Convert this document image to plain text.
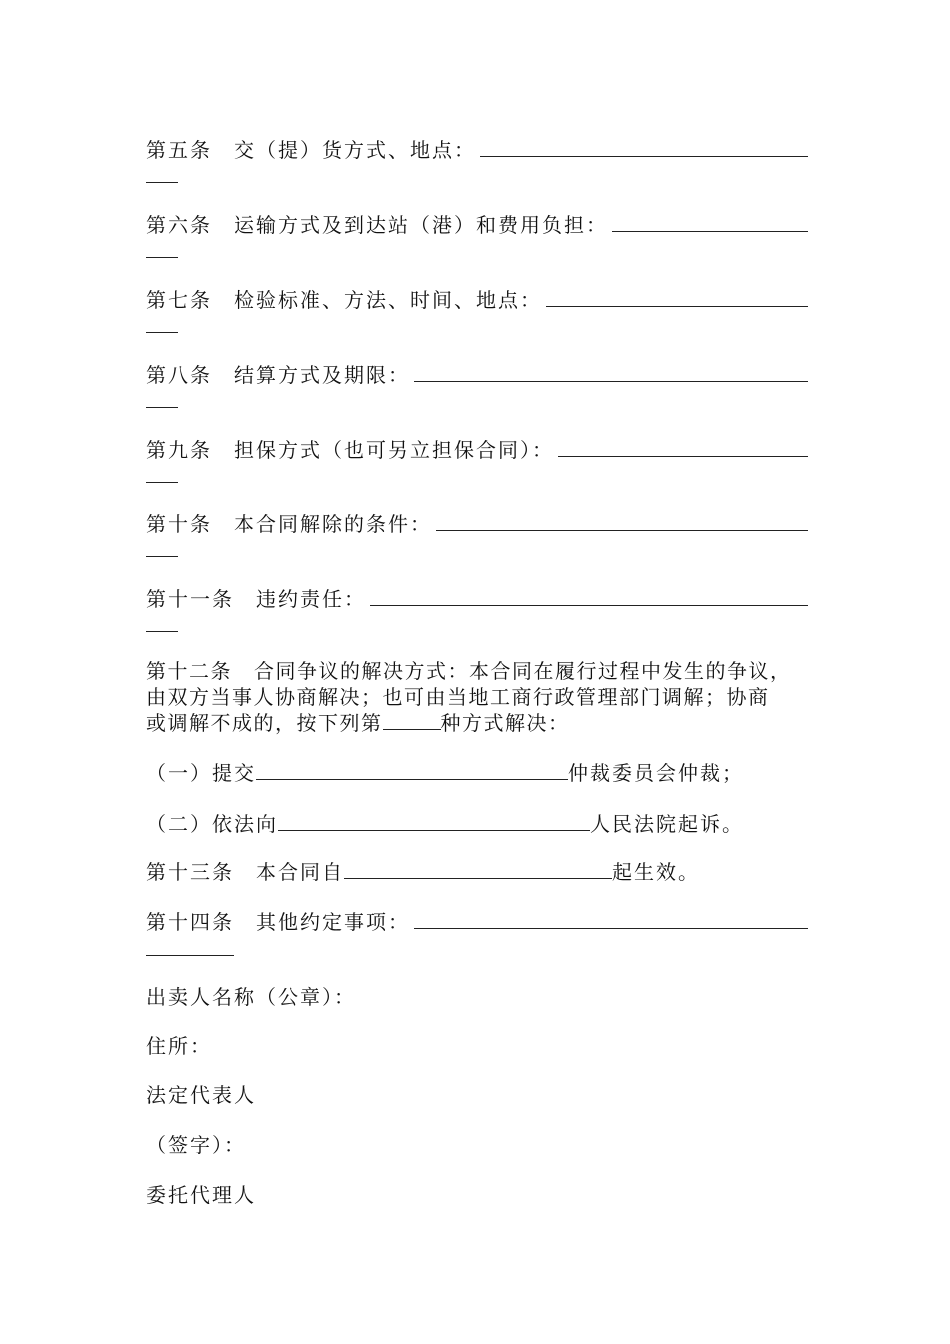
第五条 交（提）货方式、地点：
第六条 运输方式及到达站（港）和费用负担：
第七条 检验标准、方法、时间、地点：
第八条 结算方式及期限：
第九条 担保方式（也可另立担保合同）：
第十条 本合同解除的条件：
第十一条 违约责任：
第十二条 合同争议的解决方式：本合同在履行过程中发生的争议，
由双方当事人协商解决；也可由当地工商行政管理部门调解；协商
或调解不成的，按下列第	种方式解决：
（一）提交	仲裁委员会仲裁；
（二）依法向	人民法院起诉。
第十三条 本合同自	起生效。
第十四条 其他约定事项：
出卖人名称（公章）：
住所：
法定代表人
（签字）：
委托代理人
